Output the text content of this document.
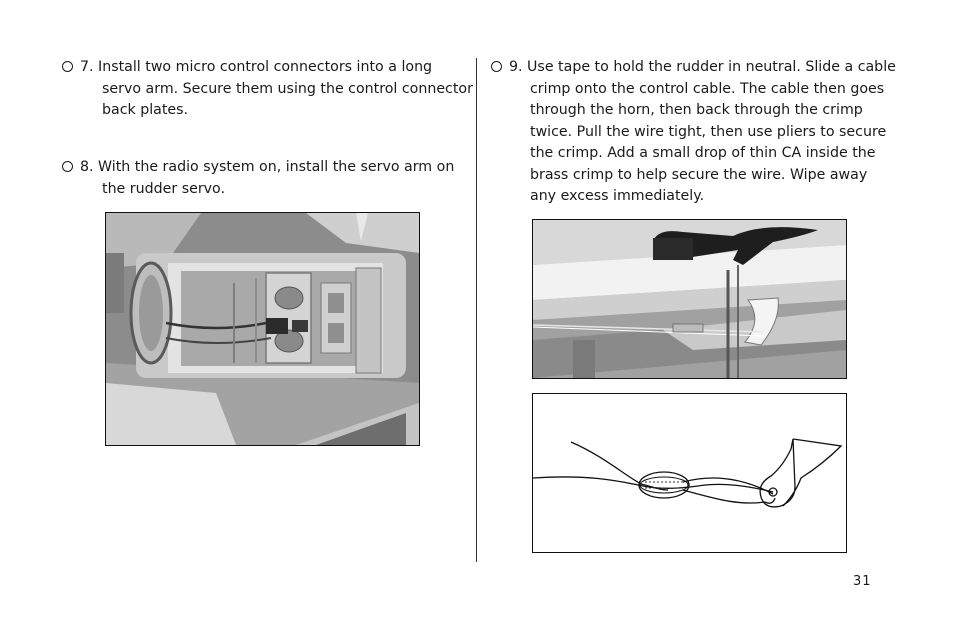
7. Install two micro control connectors into a long
servo arm. Secure them using the control connector
back plates.
8. With the radio system on, install the servo arm on
the rudder servo.
9. Use tape to hold the rudder in neutral. Slide a cable
crimp onto the control cable. The cable then goes
through the horn, then back through the crimp
twice. Pull the wire tight, then use pliers to secure
the crimp. Add a small drop of thin CA inside the
brass crimp to help secure the wire. Wipe away
any excess immediately.
31
